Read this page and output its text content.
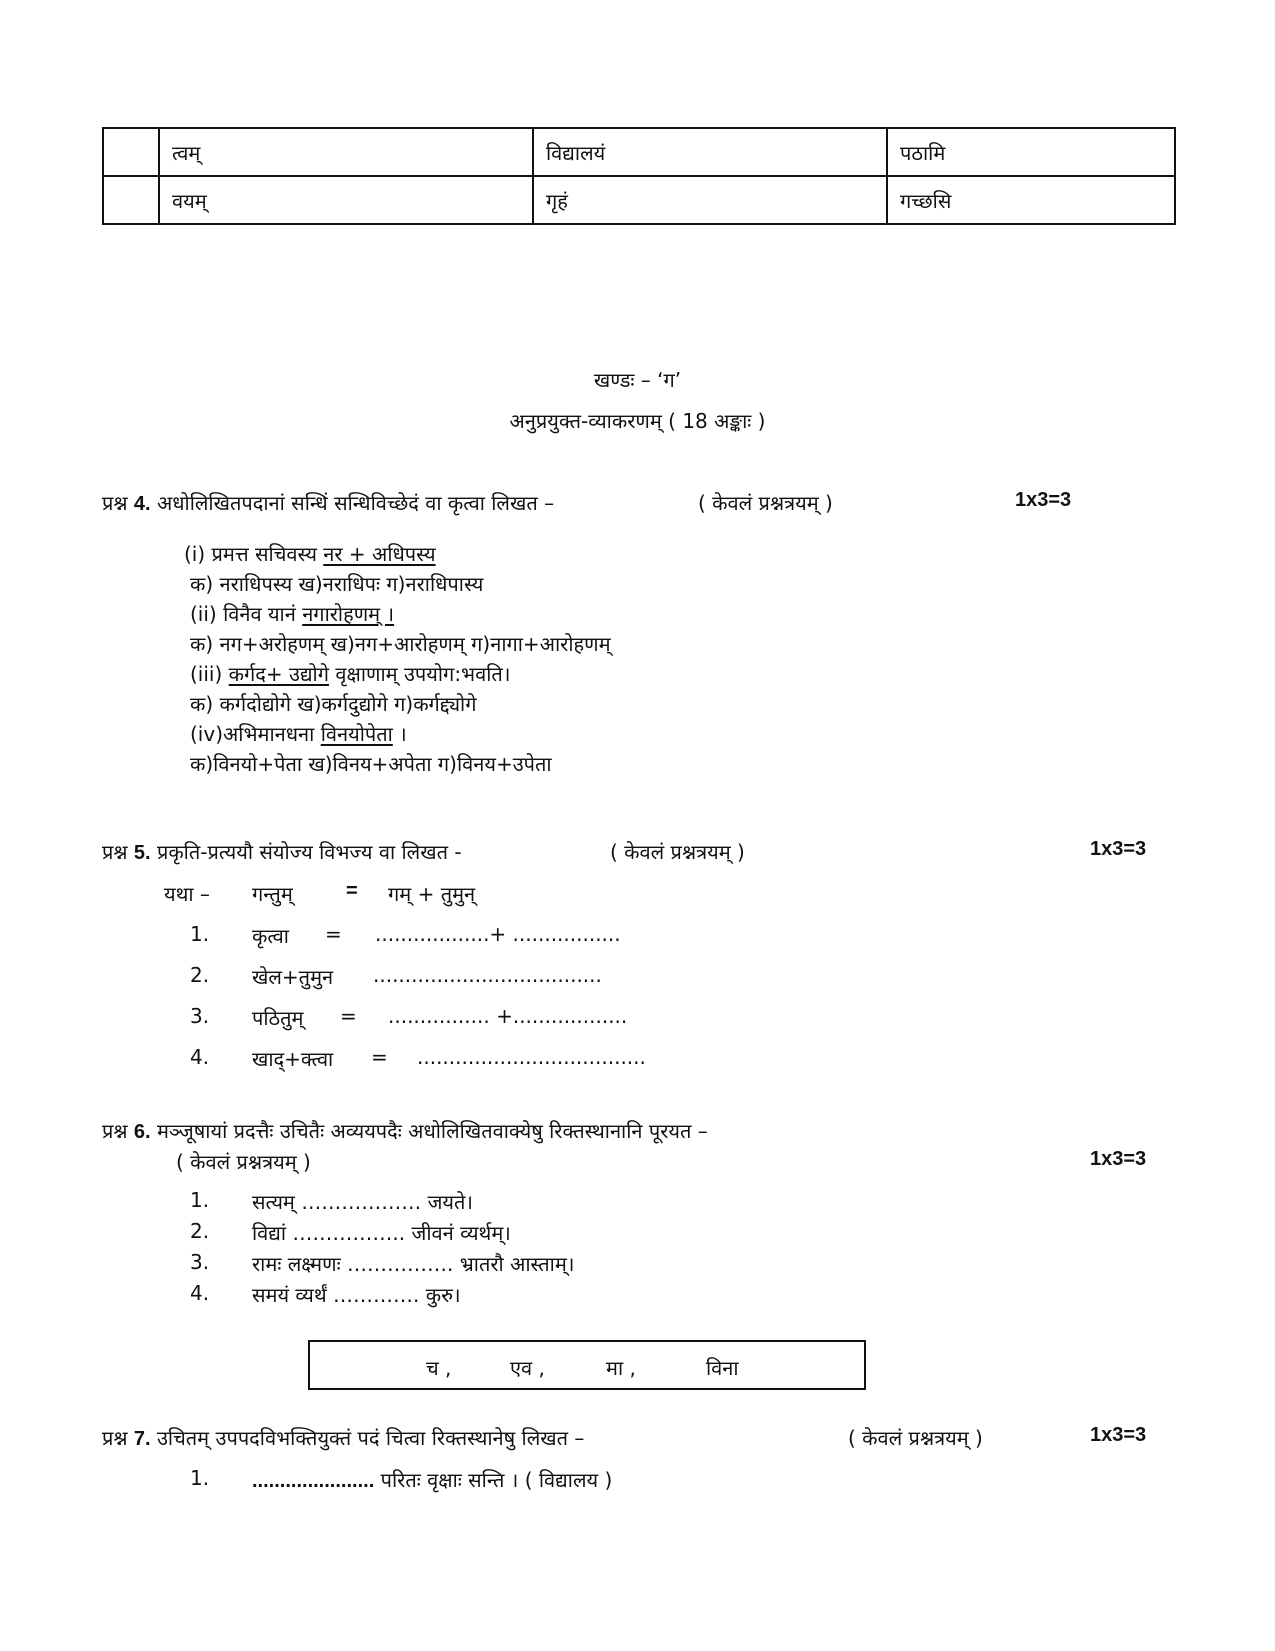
	त्वम्	विद्यालयं	पठामि
	वयम्	गृहं	गच्छसि
खण्डः – ‘ग’
अनुप्रयुक्त-व्याकरणम् ( 18 अङ्काः )
प्रश्न 4. अधोलिखितपदानां सन्धिं सन्धिविच्छेदं वा कृत्वा लिखत –	( केवलं प्रश्नत्रयम् )	1x3=3
(i) प्रमत्त सचिवस्य नर + अधिपस्य
क) नराधिपस्य ख)नराधिपः ग)नराधिपास्य
(ii) विनैव यानं नगारोहणम् ।
क) नग+अरोहणम् ख)नग+आरोहणम् ग)नागा+आरोहणम्
(iii) कर्गद+ उद्योगे वृक्षाणाम् उपयोग:भवति।
क) कर्गदोद्योगे ख)कर्गदुद्योगे ग)कर्गद्द्योगे
(iv)अभिमानधना विनयोपेता ।
क)विनयो+पेता ख)विनय+अपेता ग)विनय+उपेता
प्रश्न 5. प्रकृति-प्रत्ययौ संयोज्य विभज्य वा लिखत -	( केवलं प्रश्नत्रयम् )	1x3=3
यथा – गन्तुम्	= गम् + तुमुन्
1. कृत्वा = ..................+ .................
2. खेल+तुमुन ....................................
3. पठितुम् = ................ +..................
4. खाद्+क्त्वा = ....................................
प्रश्न 6. मञ्जूषायां प्रदत्तैः उचितैः अव्ययपदैः अधोलिखितवाक्येषु रिक्तस्थानानि पूरयत –
( केवलं प्रश्नत्रयम् )	1x3=3
1. सत्यम् ……………… जयते।
2. विद्यां …………….. जीवनं व्यर्थम्।
3. रामः लक्ष्मणः ……………. भ्रातरौ आस्ताम्।
4. समयं व्यर्थं …………. कुरु।
च ,	एव ,	मा ,	विना
प्रश्न 7. उचितम् उपपदविभक्तियुक्तं पदं चित्वा रिक्तस्थानेषु लिखत –	( केवलं प्रश्नत्रयम् )	1x3=3
1. ...................... परितः वृक्षाः सन्ति । ( विद्यालय )
